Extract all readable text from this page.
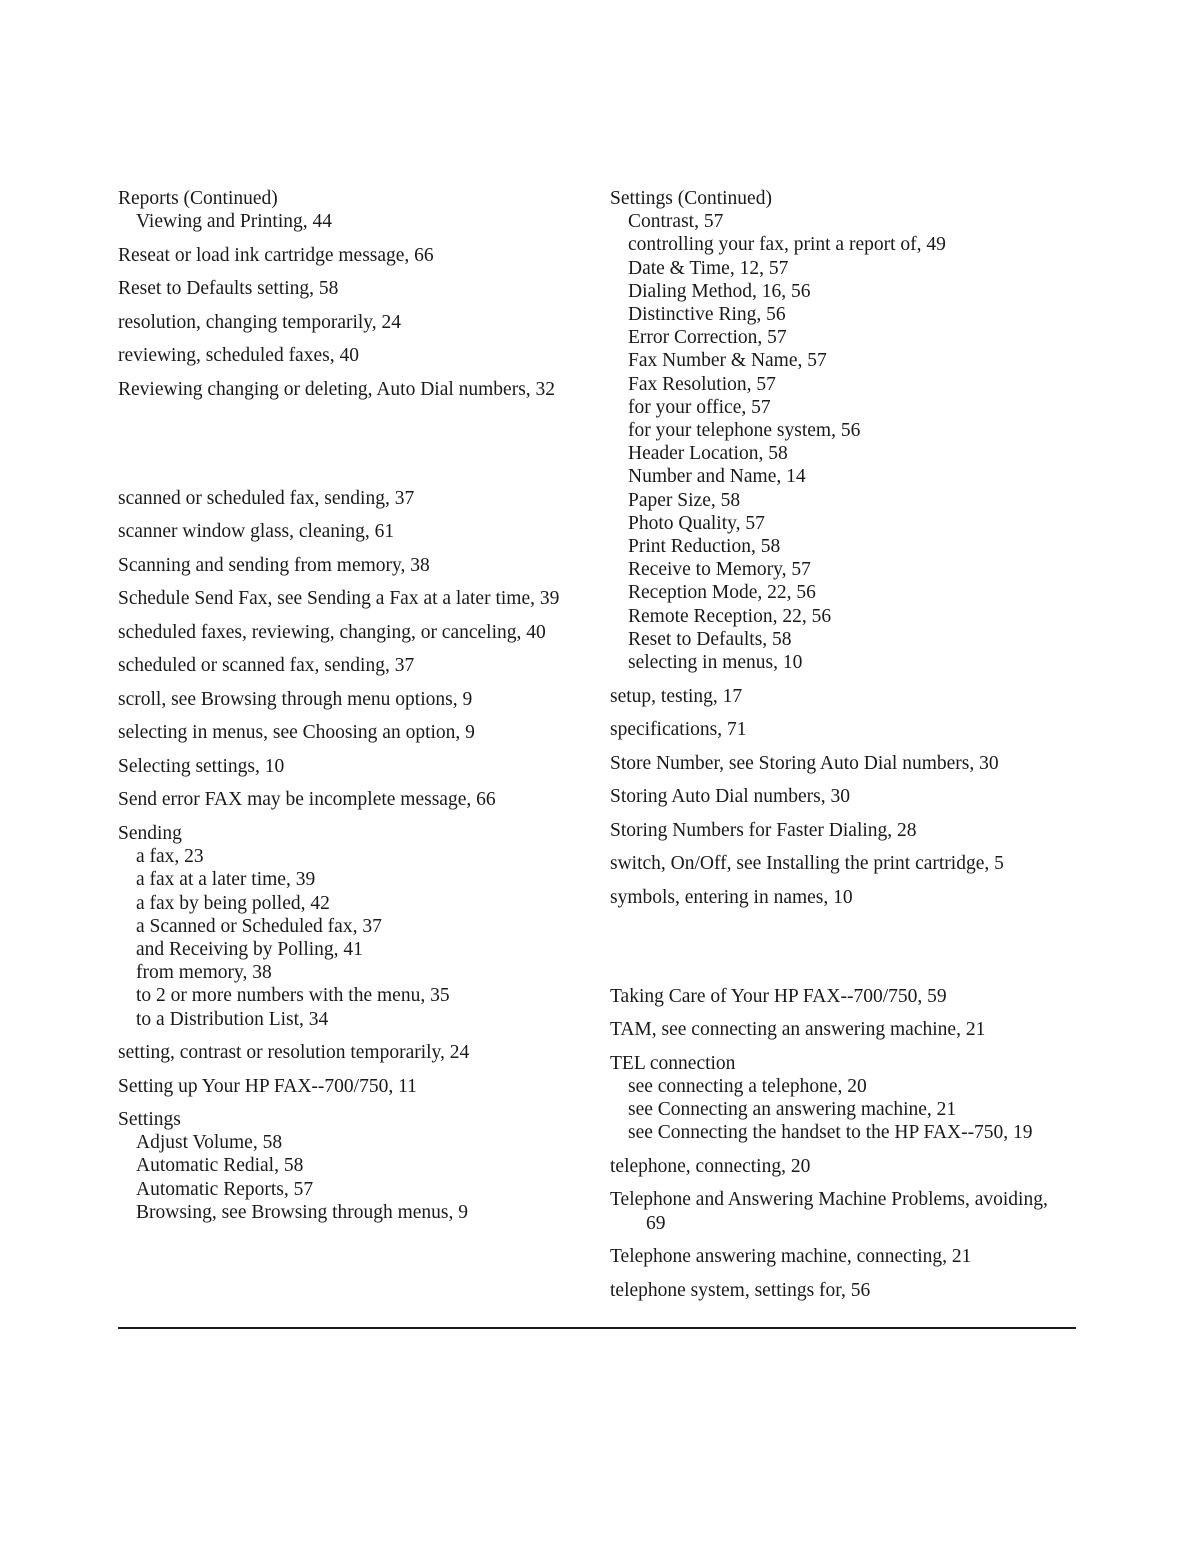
Reports (Continued)
Viewing and Printing, 44
Reseat or load ink cartridge message, 66
Reset to Defaults setting, 58
resolution, changing temporarily, 24
reviewing, scheduled faxes, 40
Reviewing changing or deleting, Auto Dial numbers, 32
scanned or scheduled fax, sending, 37
scanner window glass, cleaning, 61
Scanning and sending from memory, 38
Schedule Send Fax, see Sending a Fax at a later time, 39
scheduled faxes, reviewing, changing, or canceling, 40
scheduled or scanned fax, sending, 37
scroll, see Browsing through menu options, 9
selecting in menus, see Choosing an option, 9
Selecting settings, 10
Send error FAX may be incomplete message, 66
Sending
a fax, 23
a fax at a later time, 39
a fax by being polled, 42
a Scanned or Scheduled fax, 37
and Receiving by Polling, 41
from memory, 38
to 2 or more numbers with the menu, 35
to a Distribution List, 34
setting, contrast or resolution temporarily, 24
Setting up Your HP FAX--700/750, 11
Settings
Adjust Volume, 58
Automatic Redial, 58
Automatic Reports, 57
Browsing, see Browsing through menus, 9
Settings (Continued)
Contrast, 57
controlling your fax, print a report of, 49
Date & Time, 12, 57
Dialing Method, 16, 56
Distinctive Ring, 56
Error Correction, 57
Fax Number & Name, 57
Fax Resolution, 57
for your office, 57
for your telephone system, 56
Header Location, 58
Number and Name, 14
Paper Size, 58
Photo Quality, 57
Print Reduction, 58
Receive to Memory, 57
Reception Mode, 22, 56
Remote Reception, 22, 56
Reset to Defaults, 58
selecting in menus, 10
setup, testing, 17
specifications, 71
Store Number, see Storing Auto Dial numbers, 30
Storing Auto Dial numbers, 30
Storing Numbers for Faster Dialing, 28
switch, On/Off, see Installing the print cartridge, 5
symbols, entering in names, 10
Taking Care of Your HP FAX--700/750, 59
TAM, see connecting an answering machine, 21
TEL connection
see connecting a telephone, 20
see Connecting an answering machine, 21
see Connecting the handset to the HP FAX--750, 19
telephone, connecting, 20
Telephone and Answering Machine Problems, avoiding, 69
Telephone answering machine, connecting, 21
telephone system, settings for, 56
